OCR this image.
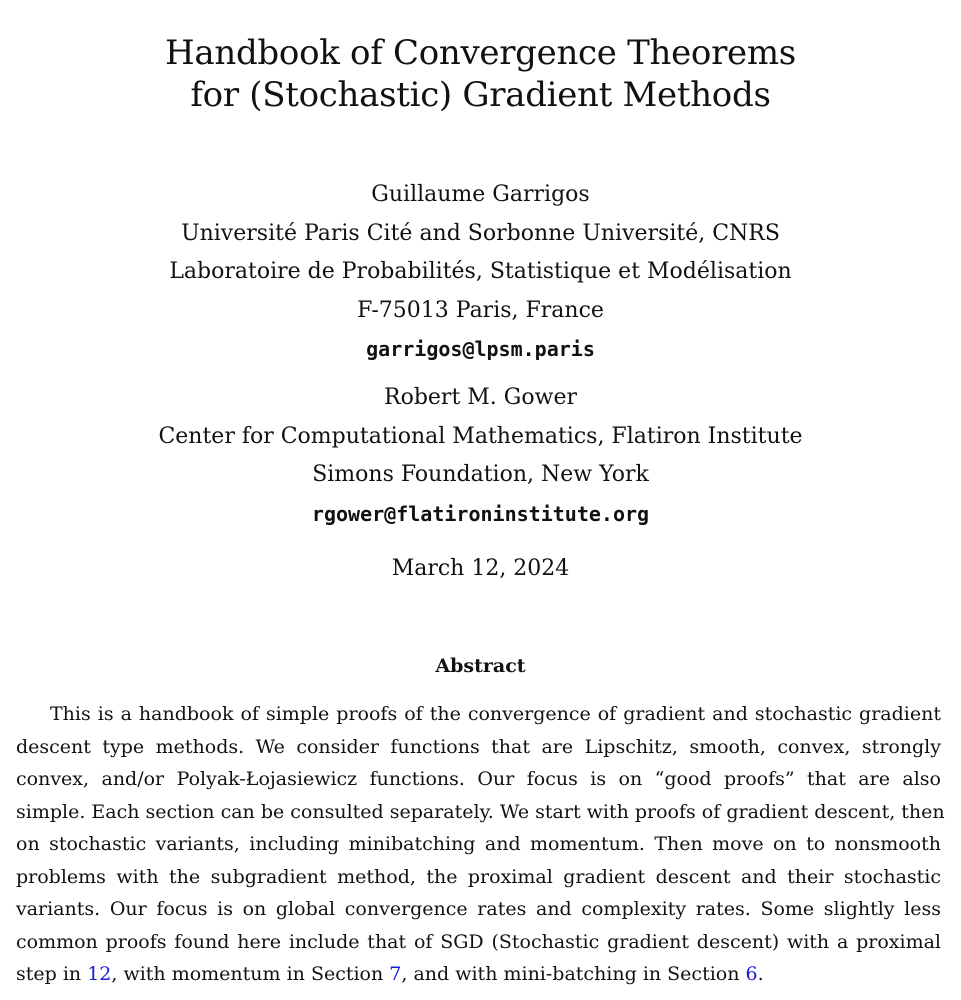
Handbook of Convergence Theorems
for (Stochastic) Gradient Methods
Guillaume Garrigos
Université Paris Cité and Sorbonne Université, CNRS
Laboratoire de Probabilités, Statistique et Modélisation
F-75013 Paris, France
garrigos@lpsm.paris
Robert M. Gower
Center for Computational Mathematics, Flatiron Institute
Simons Foundation, New York
rgower@flatironinstitute.org
March 12, 2024
Abstract
This is a handbook of simple proofs of the convergence of gradient and stochastic gradient
descent type methods. We consider functions that are Lipschitz, smooth, convex, strongly
convex, and/or Polyak-Łojasiewicz functions. Our focus is on “good proofs” that are also
simple. Each section can be consulted separately. We start with proofs of gradient descent, then
on stochastic variants, including minibatching and momentum. Then move on to nonsmooth
problems with the subgradient method, the proximal gradient descent and their stochastic
variants. Our focus is on global convergence rates and complexity rates. Some slightly less
common proofs found here include that of SGD (Stochastic gradient descent) with a proximal
step in 12, with momentum in Section 7, and with mini-batching in Section 6.
